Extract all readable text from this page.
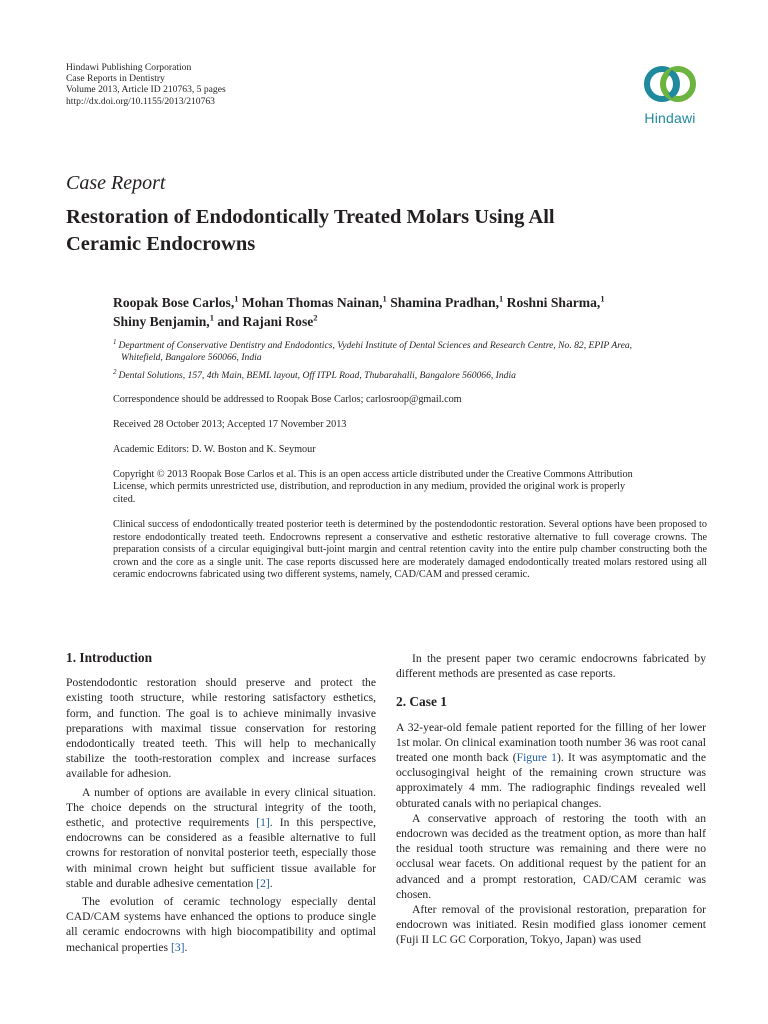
Hindawi Publishing Corporation
Case Reports in Dentistry
Volume 2013, Article ID 210763, 5 pages
http://dx.doi.org/10.1155/2013/210763
Hindawi
Case Report
Restoration of Endodontically Treated Molars Using All
Ceramic Endocrowns
Roopak Bose Carlos,$^1$ Mohan Thomas Nainan,$^1$ Shamina Pradhan,$^1$ Roshni Sharma,$^1$
Shiny Benjamin,$^1$ and Rajani Rose$^2$
$^1$ Department of Conservative Dentistry and Endodontics, Vydehi Institute of Dental Sciences and Research Centre, No. 82, EPIP Area,
Whitefield, Bangalore 560066, India
$^2$ Dental Solutions, 157, 4th Main, BEML layout, Off ITPL Road, Thubarahalli, Bangalore 560066, India
Correspondence should be addressed to Roopak Bose Carlos; carlosroop@gmail.com
Received 28 October 2013; Accepted 17 November 2013
Academic Editors: D. W. Boston and K. Seymour
Copyright © 2013 Roopak Bose Carlos et al. This is an open access article distributed under the Creative Commons Attribution
License, which permits unrestricted use, distribution, and reproduction in any medium, provided the original work is properly
cited.
Clinical success of endodontically treated posterior teeth is determined by the postendodontic restoration. Several options have been proposed to restore endodontically treated teeth. Endocrowns represent a conservative and esthetic restorative alternative to full coverage crowns. The preparation consists of a circular equigingival butt-joint margin and central retention cavity into the entire pulp chamber constructing both the crown and the core as a single unit. The case reports discussed here are moderately damaged endodontically treated molars restored using all ceramic endocrowns fabricated using two different systems, namely, CAD/CAM and pressed ceramic.
1. Introduction

Postendodontic restoration should preserve and protect the existing tooth structure, while restoring satisfactory esthetics, form, and function. The goal is to achieve minimally invasive preparations with maximal tissue conservation for restoring endodontically treated teeth. This will help to mechanically stabilize the tooth-restoration complex and increase surfaces available for adhesion.

A number of options are available in every clinical situation. The choice depends on the structural integrity of the tooth, esthetic, and protective requirements [1]. In this perspective, endocrowns can be considered as a feasible alternative to full crowns for restoration of nonvital posterior teeth, especially those with minimal crown height but sufficient tissue available for stable and durable adhesive cementation [2].

The evolution of ceramic technology especially dental CAD/CAM systems have enhanced the options to produce single all ceramic endocrowns with high biocompatibility and optimal mechanical properties [3].

In the present paper two ceramic endocrowns fabricated by different methods are presented as case reports.

2. Case 1

A 32-year-old female patient reported for the filling of her lower 1st molar. On clinical examination tooth number 36 was root canal treated one month back (Figure 1). It was asymptomatic and the occlusogingival height of the remaining crown structure was approximately 4 mm. The radiographic findings revealed well obturated canals with no periapical changes.

A conservative approach of restoring the tooth with an endocrown was decided as the treatment option, as more than half the residual tooth structure was remaining and there were no occlusal wear facets. On additional request by the patient for an advanced and a prompt restoration, CAD/CAM ceramic was chosen.

After removal of the provisional restoration, preparation for endocrown was initiated. Resin modified glass ionomer cement (Fuji II LC GC Corporation, Tokyo, Japan) was used
